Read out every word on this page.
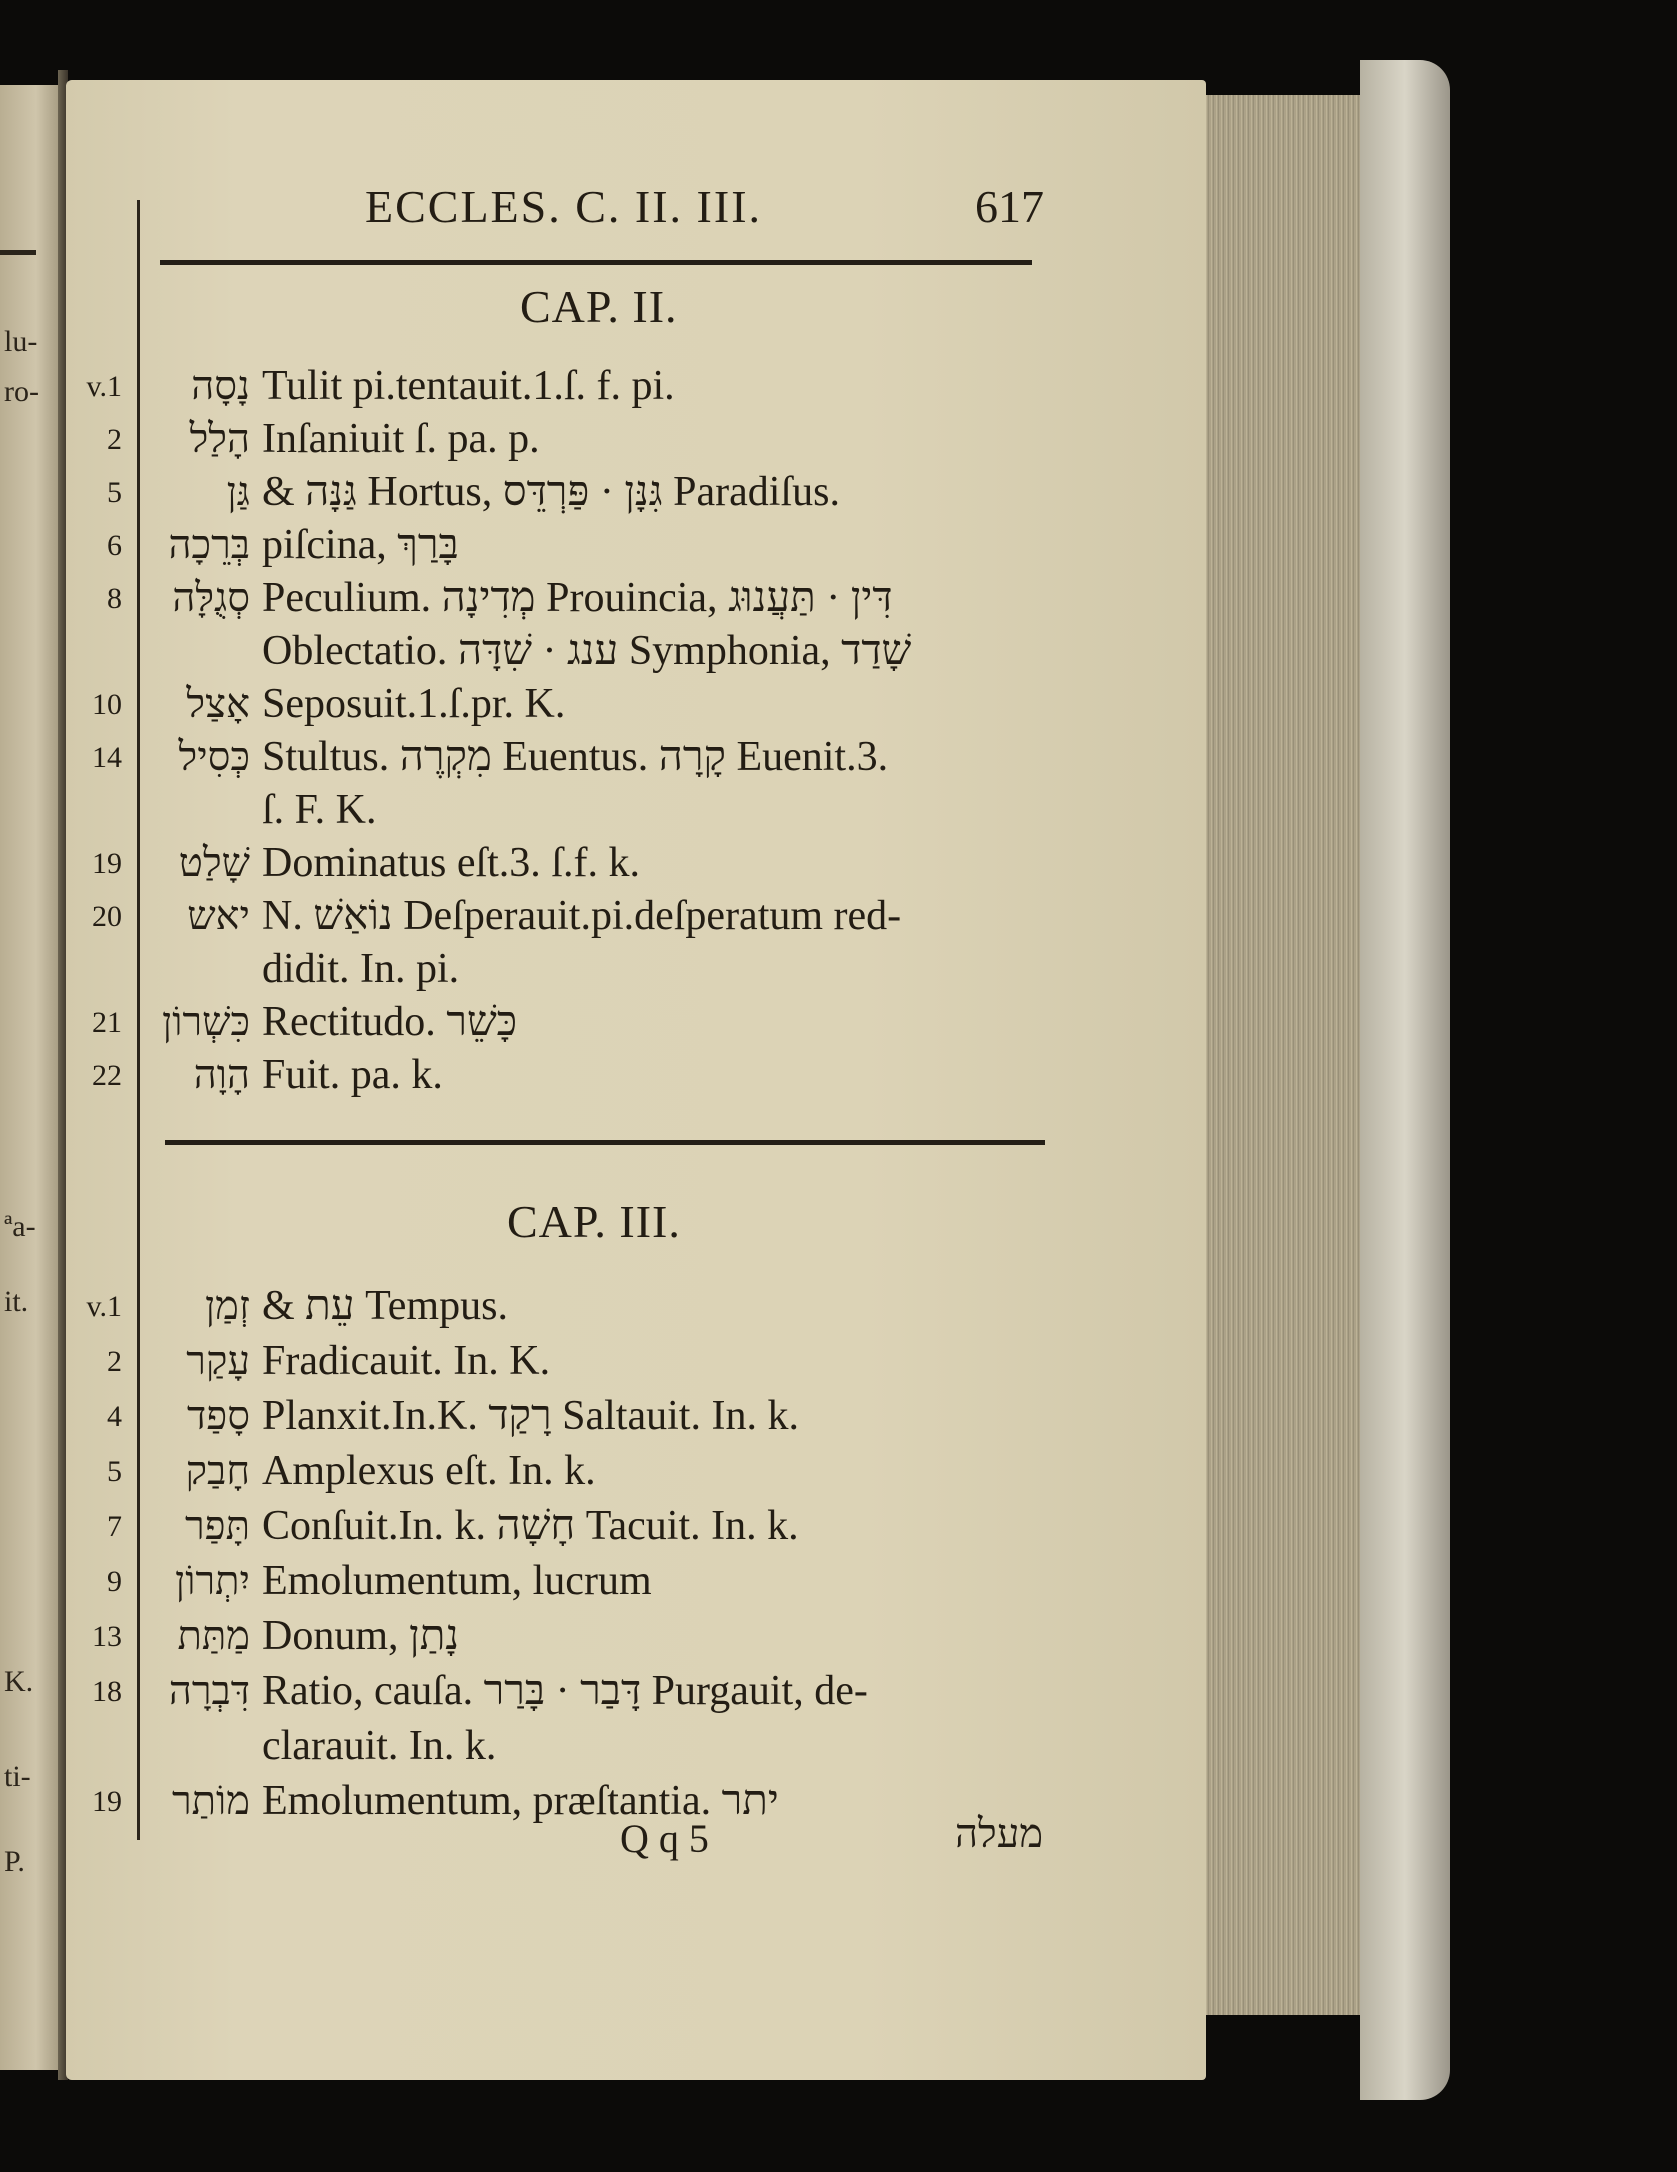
lu-
ro-
ªa-
it.
K.
ti-
P.
ECCLES. C. II. III.	617
CAP. II.
v.1	נָסָה Tulit pi.tentauit.1.ſ. f. pi.
2	הָלַל Inſaniuit ſ. pa. p.
5	גַּן & גַּנָּה Hortus, גִּנָּן · פַּרְדֵּס Paradiſus.
6	בְּרֵכָה piſcina, בָּרַךְ
8	סְגֻלָּה Peculium. מְדִינָה Prouincia, דִּין · תַּעֲנוּג
Oblectatio. ענג · שִׁדָּה Symphonia, שָׁדַד
10	אָצַל Seposuit.1.ſ.pr. K.
14	כְּסִיל Stultus. מִקְרֶה Euentus. קָרָה Euenit.3.
ſ. F. K.
19	שָׁלַט Dominatus eſt.3. ſ.f. k.
20	יאש N. נוֹאַשׁ Deſperauit.pi.deſperatum red-
didit. In. pi.
21	כִּשְׁרוֹן Rectitudo. כָּשֵׁר
22	הָוָה Fuit. pa. k.
CAP. III.
v.1	זְמַן & עֵת Tempus.
2	עָקַר Fradicauit. In. K.
4	סָפַד Planxit.In.K. רָקַד Saltauit. In. k.
5	חָבַק Amplexus eſt. In. k.
7	תָּפַר Conſuit.In. k. חָשָׁה Tacuit. In. k.
9	יִתְרוֹן Emolumentum, lucrum
13	מַתַּת Donum, נָתַן
18	דִּבְרָה Ratio, cauſa. דָּבַר · בָּרַר Purgauit, de-
clarauit. In. k.
19	מוֹתַר Emolumentum, præſtantia. יתר
Q q 5	מעלה
